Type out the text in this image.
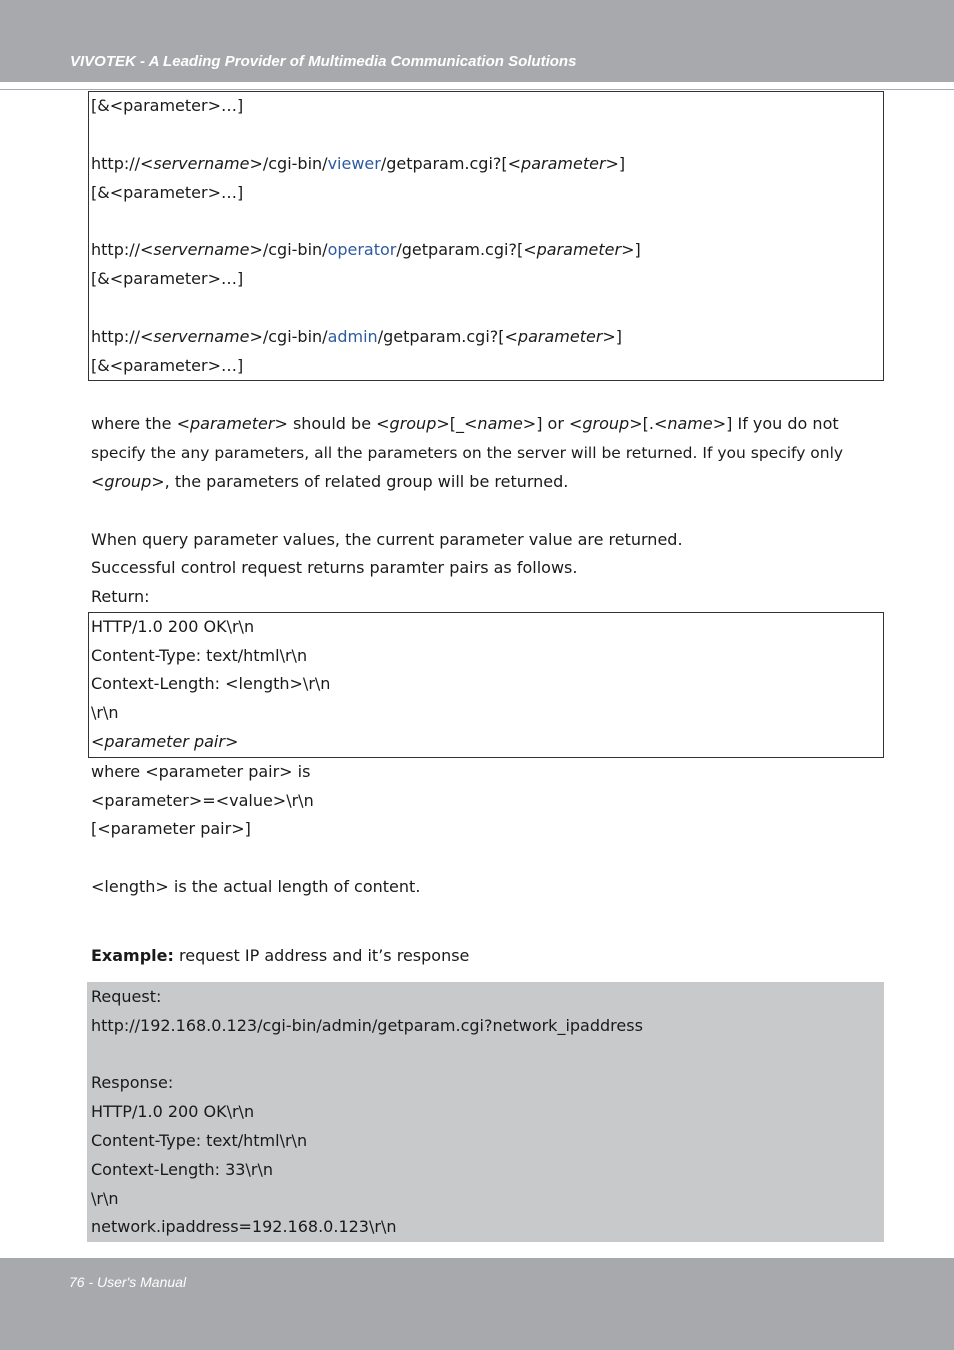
VIVOTEK - A Leading Provider of Multimedia Communication Solutions
[&<parameter>…]
http://<servername>/cgi-bin/viewer/getparam.cgi?[<parameter>]
[&<parameter>…]
http://<servername>/cgi-bin/operator/getparam.cgi?[<parameter>]
[&<parameter>…]
http://<servername>/cgi-bin/admin/getparam.cgi?[<parameter>]
[&<parameter>…]
where the <parameter> should be <group>[_<name>] or <group>[.<name>] If you do not
specify the any parameters, all the parameters on the server will be returned. If you specify only
<group>, the parameters of related group will be returned.
When query parameter values, the current parameter value are returned.
Successful control request returns paramter pairs as follows.
Return:
HTTP/1.0 200 OK\r\n
Content-Type: text/html\r\n
Context-Length: <length>\r\n
\r\n
<parameter pair>
where <parameter pair> is
<parameter>=<value>\r\n
[<parameter pair>]
<length> is the actual length of content.
Example: request IP address and it’s response
Request:
http://192.168.0.123/cgi-bin/admin/getparam.cgi?network_ipaddress
Response:
HTTP/1.0 200 OK\r\n
Content-Type: text/html\r\n
Context-Length: 33\r\n
\r\n
network.ipaddress=192.168.0.123\r\n
76 - User's Manual
